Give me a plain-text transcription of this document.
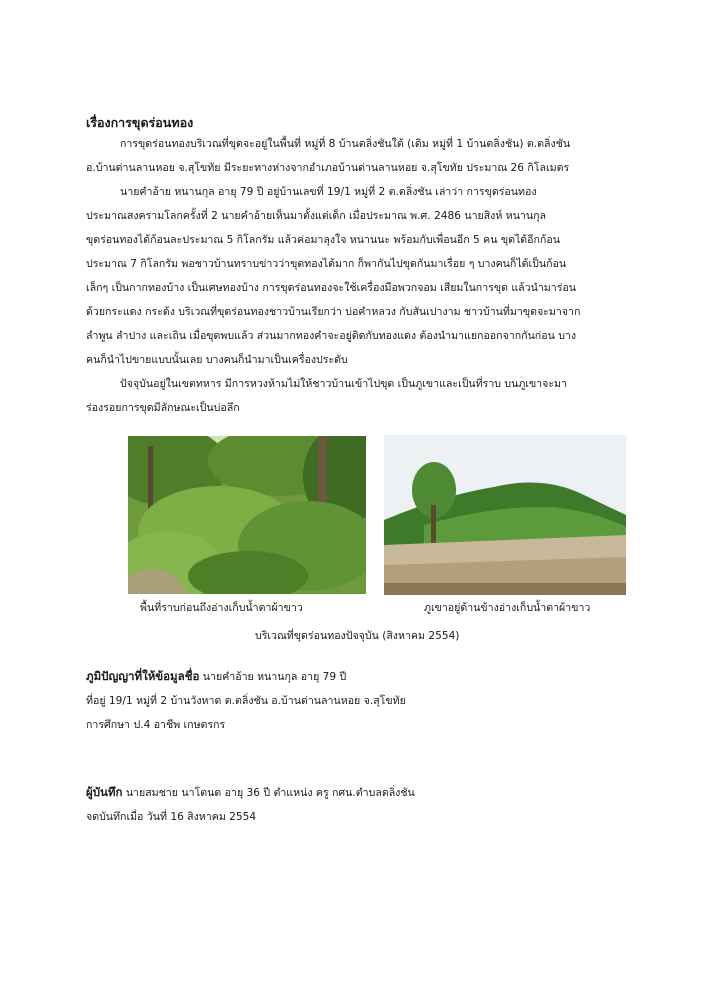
เรื่องการขุดร่อนทอง
การขุดร่อนทองบริเวณที่ขุดจะอยู่ในพื้นที่ หมู่ที่ 8 บ้านตลิ่งชันใต้ (เดิม หมู่ที่ 1 บ้านตลิ่งชัน) ต.ตลิ่งชัน
อ.บ้านด่านลานหอย จ.สุโขทัย มีระยะทางห่างจากอำเภอบ้านด่านลานหอย จ.สุโขทัย ประมาณ 26 กิโลเมตร
นายคำอ้าย หนานกุล อายุ 79 ปี อยู่บ้านเลขที่ 19/1 หมู่ที่ 2 ต.ตลิ่งชัน เล่าว่า การขุดร่อนทอง
ประมาณสงครามโลกครั้งที่ 2 นายคำอ้ายเห็นมาตั้งแต่เด็ก เมื่อประมาณ พ.ศ. 2486 นายสิงห์ หนานกุล
ขุดร่อนทองได้ก้อนละประมาณ 5 กิโลกรัม แล้วค่อมาลุงใจ หนานนะ พร้อมกับเพื่อนอีก 5 คน ขุดได้อีกก้อน
ประมาณ 7 กิโลกรัม พอชาวบ้านทราบข่าวว่าขุดทองได้มาก ก็พากันไปขุดกันมาเรื่อย ๆ บางคนก็ได้เป็นก้อน
เล็กๆ เป็นกากทองบ้าง เป็นเศษทองบ้าง การขุดร่อนทองจะใช้เครื่องมือพวกจอม เสียมในการขุด แล้วนำมาร่อน
ด้วยกระแดง กระด้ง บริเวณที่ขุดร่อนทองชาวบ้านเรียกว่า บ่อคำหลวง กับสันเปางาม ชาวบ้านที่มาขุดจะมาจาก
ลำพูน ลำปาง และเถิน เมื่อขุดพบแล้ว ส่วนมากทองคำจะอยู่ติดกับทองแดง ต้องนำมาแยกออกจากกันก่อน บาง
คนก็นำไปขายแบบนั้นเลย บางคนก็นำมาเป็นเครื่องประดับ
ปัจจุบันอยู่ในเขตทหาร มีการหวงห้ามไม่ให้ชาวบ้านเข้าไปขุด เป็นภูเขาและเป็นที่ราบ บนภูเขาจะมา
ร่องรอยการขุดมีลักษณะเป็นบ่อลึก
พื้นที่ราบก่อนถึงอ่างเก็บน้ำตาผ้าขาว	ภูเขาอยู่ด้านข้างอ่างเก็บน้ำตาผ้าขาว
บริเวณที่ขุดร่อนทองปัจจุบัน (สิงหาคม 2554)
ภูมิปัญญาที่ให้ข้อมูลชื่อ นายคำอ้าย หนานกุล อายุ 79 ปี
ที่อยู่ 19/1 หมู่ที่ 2 บ้านวังหาด ต.ตลิ่งชัน อ.บ้านด่านลานหอย จ.สุโขทัย
การศึกษา ป.4 อาชีพ เกษตรกร
ผู้บันทึก นายสมชาย นาโตนด อายุ 36 ปี ตำแหน่ง ครู กศน.ตำบลตลิ่งชัน
จดบันทึกเมื่อ วันที่ 16 สิงหาคม 2554
